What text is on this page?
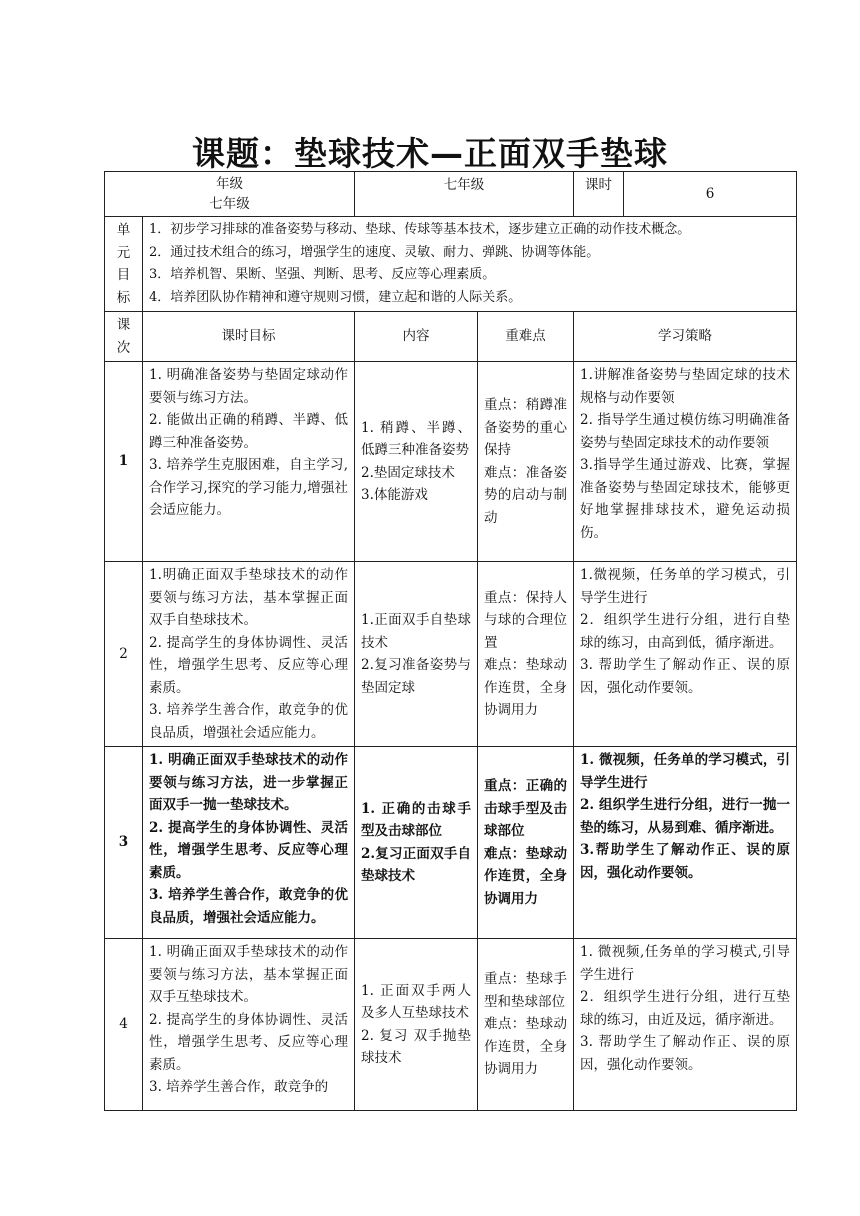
课题：垫球技术—正面双手垫球
年级
七年级		七年级		课时	6

单
元
目
标	1．初步学习排球的准备姿势与移动、垫球、传球等基本技术，逐步建立正确的动作技术概念。
2．通过技术组合的练习，增强学生的速度、灵敏、耐力、弹跳、协调等体能。
3．培养机智、果断、坚强、判断、思考、反应等心理素质。
4．培养团队协作精神和遵守规则习惯，建立起和谐的人际关系。				

课
次	课时目标	内容	重难点	学习策略	
1	1. 明确准备姿势与垫固定球动作要领与练习方法。
2. 能做出正确的稍蹲、半蹲、低蹲三种准备姿势。
3. 培养学生克服困难，自主学习,合作学习,探究的学习能力,增强社会适应能力。	1. 稍蹲、半蹲、低蹲三种准备姿势
2.垫固定球技术
3.体能游戏	重点：稍蹲准备姿势的重心保持
难点：准备姿势的启动与制动	1.讲解准备姿势与垫固定球的技术规格与动作要领
2. 指导学生通过模仿练习明确准备姿势与垫固定球技术的动作要领
3.指导学生通过游戏、比赛，掌握准备姿势与垫固定球技术，能够更好地掌握排球技术，避免运动损伤。	

2	1.明确正面双手垫球技术的动作要领与练习方法，基本掌握正面双手自垫球技术。
2. 提高学生的身体协调性、灵活性，增强学生思考、反应等心理素质。
3. 培养学生善合作，敢竞争的优良品质，增强社会适应能力。	1.正面双手自垫球技术
2.复习准备姿势与垫固定球	重点：保持人与球的合理位置
难点：垫球动作连贯，全身协调用力	1.微视频，任务单的学习模式，引导学生进行
2．组织学生进行分组，进行自垫球的练习，由高到低，循序渐进。
3. 帮助学生了解动作正、误的原因，强化动作要领。	

3	1. 明确正面双手垫球技术的动作要领与练习方法，进一步掌握正面双手一抛一垫球技术。
2. 提高学生的身体协调性、灵活性，增强学生思考、反应等心理素质。
3. 培养学生善合作，敢竞争的优良品质，增强社会适应能力。	1. 正确的击球手型及击球部位
2.复习正面双手自垫球技术	重点：正确的击球手型及击球部位
难点：垫球动作连贯，全身协调用力	1. 微视频，任务单的学习模式，引导学生进行
2. 组织学生进行分组，进行一抛一垫的练习，从易到难、循序渐进。
3.帮助学生了解动作正、误的原因，强化动作要领。	

4	1. 明确正面双手垫球技术的动作要领与练习方法，基本掌握正面双手互垫球技术。
2. 提高学生的身体协调性、灵活性，增强学生思考、反应等心理素质。
3. 培养学生善合作，敢竞争的	1. 正面双手两人及多人互垫球技术
2. 复习 双手抛垫球技术	重点：垫球手型和垫球部位
难点：垫球动作连贯，全身协调用力	1. 微视频,任务单的学习模式,引导学生进行
2．组织学生进行分组，进行互垫球的练习，由近及远，循序渐进。
3. 帮助学生了解动作正、误的原因，强化动作要领。	
